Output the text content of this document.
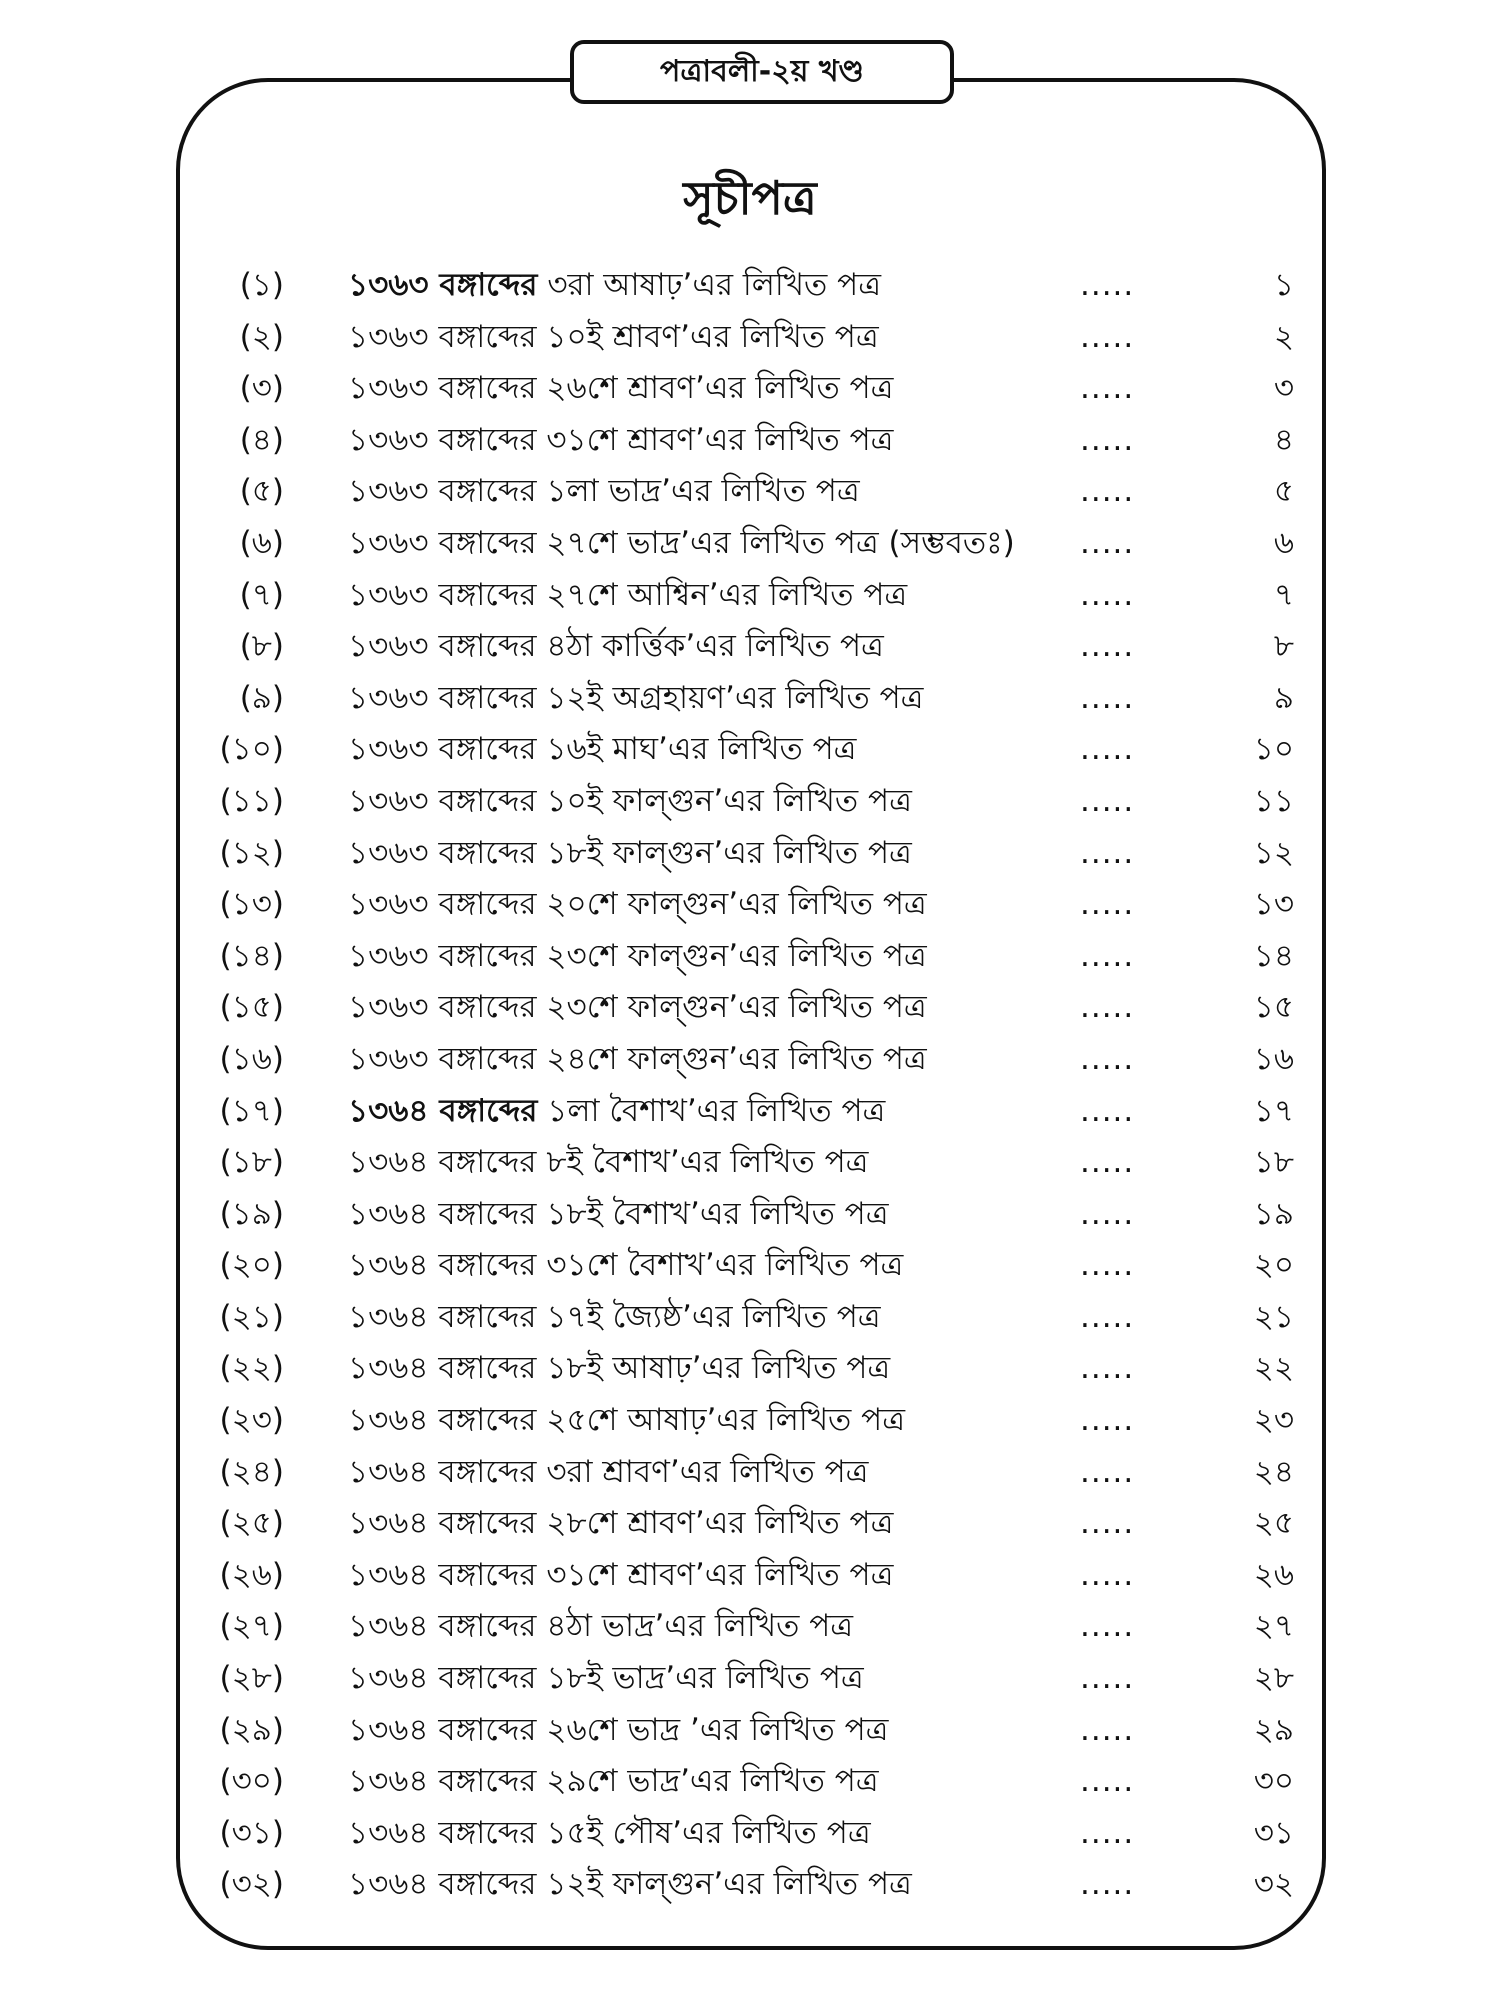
পত্রাবলী-২য় খণ্ড
সূচীপত্র
(১) ১৩৬৩ বঙ্গাব্দের ৩রা আষাঢ়’এর লিখিত পত্র	.....	১
(২) ১৩৬৩ বঙ্গাব্দের ১০ই শ্রাবণ’এর লিখিত পত্র	.....	২
(৩) ১৩৬৩ বঙ্গাব্দের ২৬শে শ্রাবণ’এর লিখিত পত্র	.....	৩
(৪) ১৩৬৩ বঙ্গাব্দের ৩১শে শ্রাবণ’এর লিখিত পত্র	.....	৪
(৫) ১৩৬৩ বঙ্গাব্দের ১লা ভাদ্র’এর লিখিত পত্র	.....	৫
(৬) ১৩৬৩ বঙ্গাব্দের ২৭শে ভাদ্র’এর লিখিত পত্র (সম্ভবতঃ) .....	৬
(৭) ১৩৬৩ বঙ্গাব্দের ২৭শে আশ্বিন’এর লিখিত পত্র	.....	৭
(৮) ১৩৬৩ বঙ্গাব্দের ৪ঠা কার্ত্তিক’এর লিখিত পত্র	.....	৮
(৯) ১৩৬৩ বঙ্গাব্দের ১২ই অগ্রহায়ণ’এর লিখিত পত্র	.....	৯
(১০) ১৩৬৩ বঙ্গাব্দের ১৬ই মাঘ’এর লিখিত পত্র	.....	১০
(১১) ১৩৬৩ বঙ্গাব্দের ১০ই ফাল্গুন’এর লিখিত পত্র	.....	১১
(১২) ১৩৬৩ বঙ্গাব্দের ১৮ই ফাল্গুন’এর লিখিত পত্র	.....	১২
(১৩) ১৩৬৩ বঙ্গাব্দের ২০শে ফাল্গুন’এর লিখিত পত্র	.....	১৩
(১৪) ১৩৬৩ বঙ্গাব্দের ২৩শে ফাল্গুন’এর লিখিত পত্র	.....	১৪
(১৫) ১৩৬৩ বঙ্গাব্দের ২৩শে ফাল্গুন’এর লিখিত পত্র	.....	১৫
(১৬) ১৩৬৩ বঙ্গাব্দের ২৪শে ফাল্গুন’এর লিখিত পত্র	.....	১৬
(১৭) ১৩৬৪ বঙ্গাব্দের ১লা বৈশাখ’এর লিখিত পত্র	.....	১৭
(১৮) ১৩৬৪ বঙ্গাব্দের ৮ই বৈশাখ’এর লিখিত পত্র	.....	১৮
(১৯) ১৩৬৪ বঙ্গাব্দের ১৮ই বৈশাখ’এর লিখিত পত্র	.....	১৯
(২০) ১৩৬৪ বঙ্গাব্দের ৩১শে বৈশাখ’এর লিখিত পত্র	.....	২০
(২১) ১৩৬৪ বঙ্গাব্দের ১৭ই জ্যৈষ্ঠ’এর লিখিত পত্র	.....	২১
(২২) ১৩৬৪ বঙ্গাব্দের ১৮ই আষাঢ়’এর লিখিত পত্র	.....	২২
(২৩) ১৩৬৪ বঙ্গাব্দের ২৫শে আষাঢ়’এর লিখিত পত্র	.....	২৩
(২৪) ১৩৬৪ বঙ্গাব্দের ৩রা শ্রাবণ’এর লিখিত পত্র	.....	২৪
(২৫) ১৩৬৪ বঙ্গাব্দের ২৮শে শ্রাবণ’এর লিখিত পত্র	.....	২৫
(২৬) ১৩৬৪ বঙ্গাব্দের ৩১শে শ্রাবণ’এর লিখিত পত্র	.....	২৬
(২৭) ১৩৬৪ বঙ্গাব্দের ৪ঠা ভাদ্র’এর লিখিত পত্র	.....	২৭
(২৮) ১৩৬৪ বঙ্গাব্দের ১৮ই ভাদ্র’এর লিখিত পত্র	.....	২৮
(২৯) ১৩৬৪ বঙ্গাব্দের ২৬শে ভাদ্র ’এর লিখিত পত্র	.....	২৯
(৩০) ১৩৬৪ বঙ্গাব্দের ২৯শে ভাদ্র’এর লিখিত পত্র	.....	৩০
(৩১) ১৩৬৪ বঙ্গাব্দের ১৫ই পৌষ’এর লিখিত পত্র	.....	৩১
(৩২) ১৩৬৪ বঙ্গাব্দের ১২ই ফাল্গুন’এর লিখিত পত্র	.....	৩২
